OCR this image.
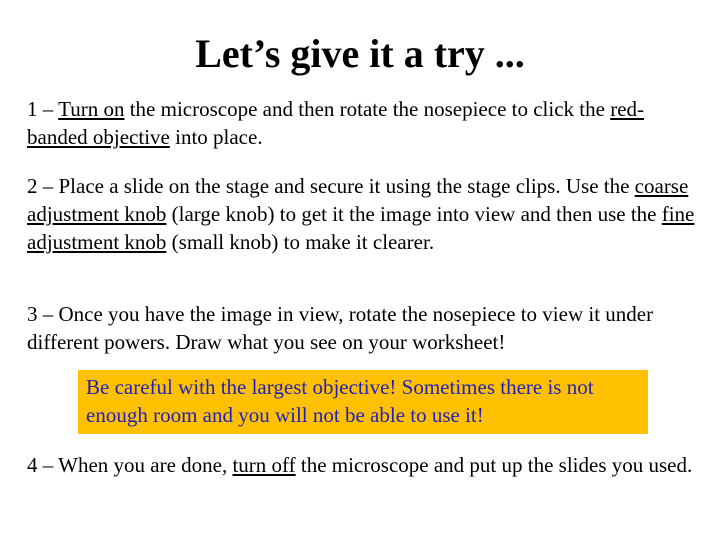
Let’s give it a try ...

1 – Turn on the microscope and then rotate the nosepiece to click the red-banded objective into place.

2 – Place a slide on the stage and secure it using the stage clips. Use the coarse adjustment knob (large knob) to get it the image into view and then use the fine adjustment knob (small knob) to make it clearer.

3 – Once you have the image in view, rotate the nosepiece to view it under different powers. Draw what you see on your worksheet!

Be careful with the largest objective! Sometimes there is not enough room and you will not be able to use it!

4 – When you are done, turn off the microscope and put up the slides you used.
